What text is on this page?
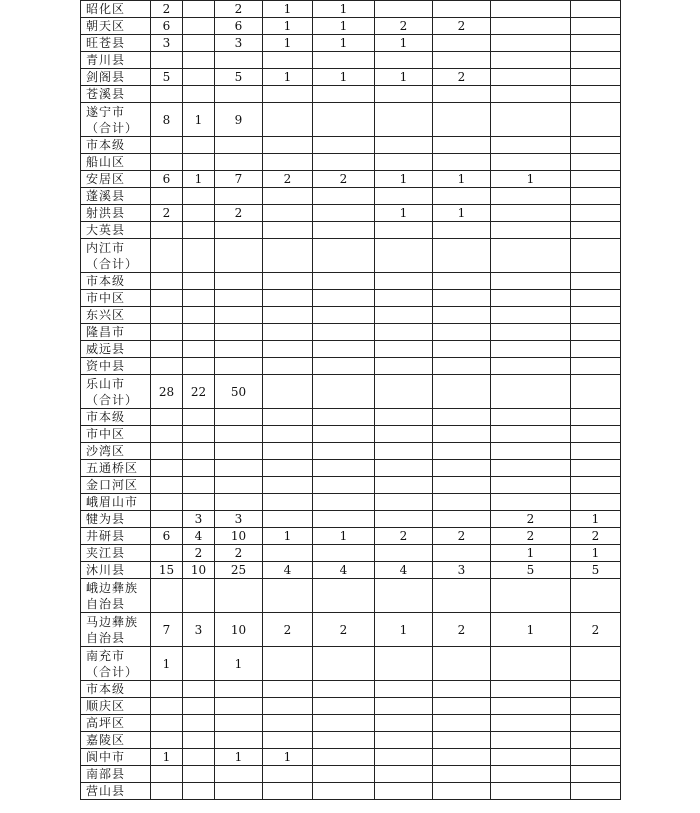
昭化区	2		2	1	1				

朝天区	6		6	1	1	2	2		

旺苍县	3		3	1	1	1			

青川县									

剑阁县	5		5	1	1	1	2		

苍溪县									

遂宁市
（合计）	8	1	9						

市本级									

船山区									

安居区	6	1	7	2	2	1	1	1	

蓬溪县									

射洪县	2		2			1	1		

大英县									

内江市
（合计）									

市本级									

市中区									

东兴区									

隆昌市									

威远县									

资中县									

乐山市
（合计）	28	22	50						

市本级									

市中区									

沙湾区									

五通桥区									

金口河区									

峨眉山市									

犍为县		3	3					2	1

井研县	6	4	10	1	1	2	2	2	2

夹江县		2	2					1	1

沐川县	15	10	25	4	4	4	3	5	5

峨边彝族
自治县									

马边彝族
自治县	7	3	10	2	2	1	2	1	2

南充市
（合计）	1		1						

市本级									

顺庆区									

高坪区									

嘉陵区									

阆中市	1		1	1					

南部县									

营山县									
